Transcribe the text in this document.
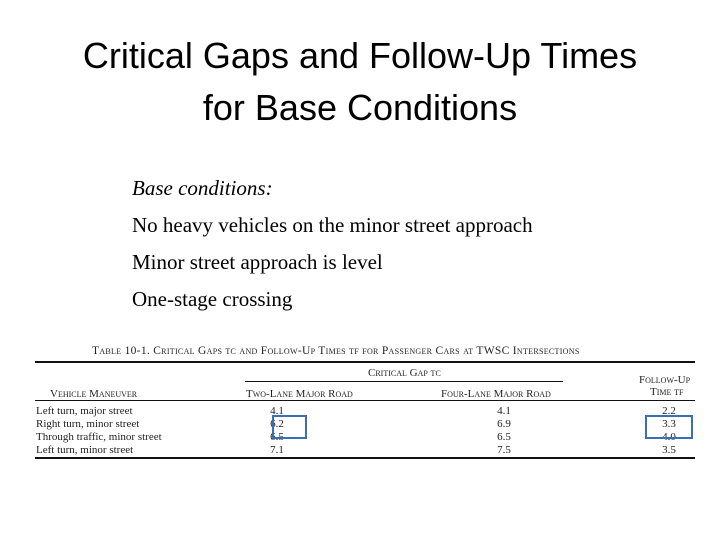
Critical Gaps and Follow-Up Times
for Base Conditions
Base conditions:
No heavy vehicles on the minor street approach
Minor street approach is level
One-stage crossing
Table 10-1. Critical Gaps tc and Follow-Up Times tf for Passenger Cars at TWSC Intersections
Critical Gap tc
Follow-Up
Time tf
Vehicle Maneuver	Two-Lane Major Road	Four-Lane Major Road
Left turn, major street	4.1	4.1	2.2
Right turn, minor street	6.2	6.9	3.3
Through traffic, minor street	6.5	6.5	4.0
Left turn, minor street	7.1	7.5	3.5
